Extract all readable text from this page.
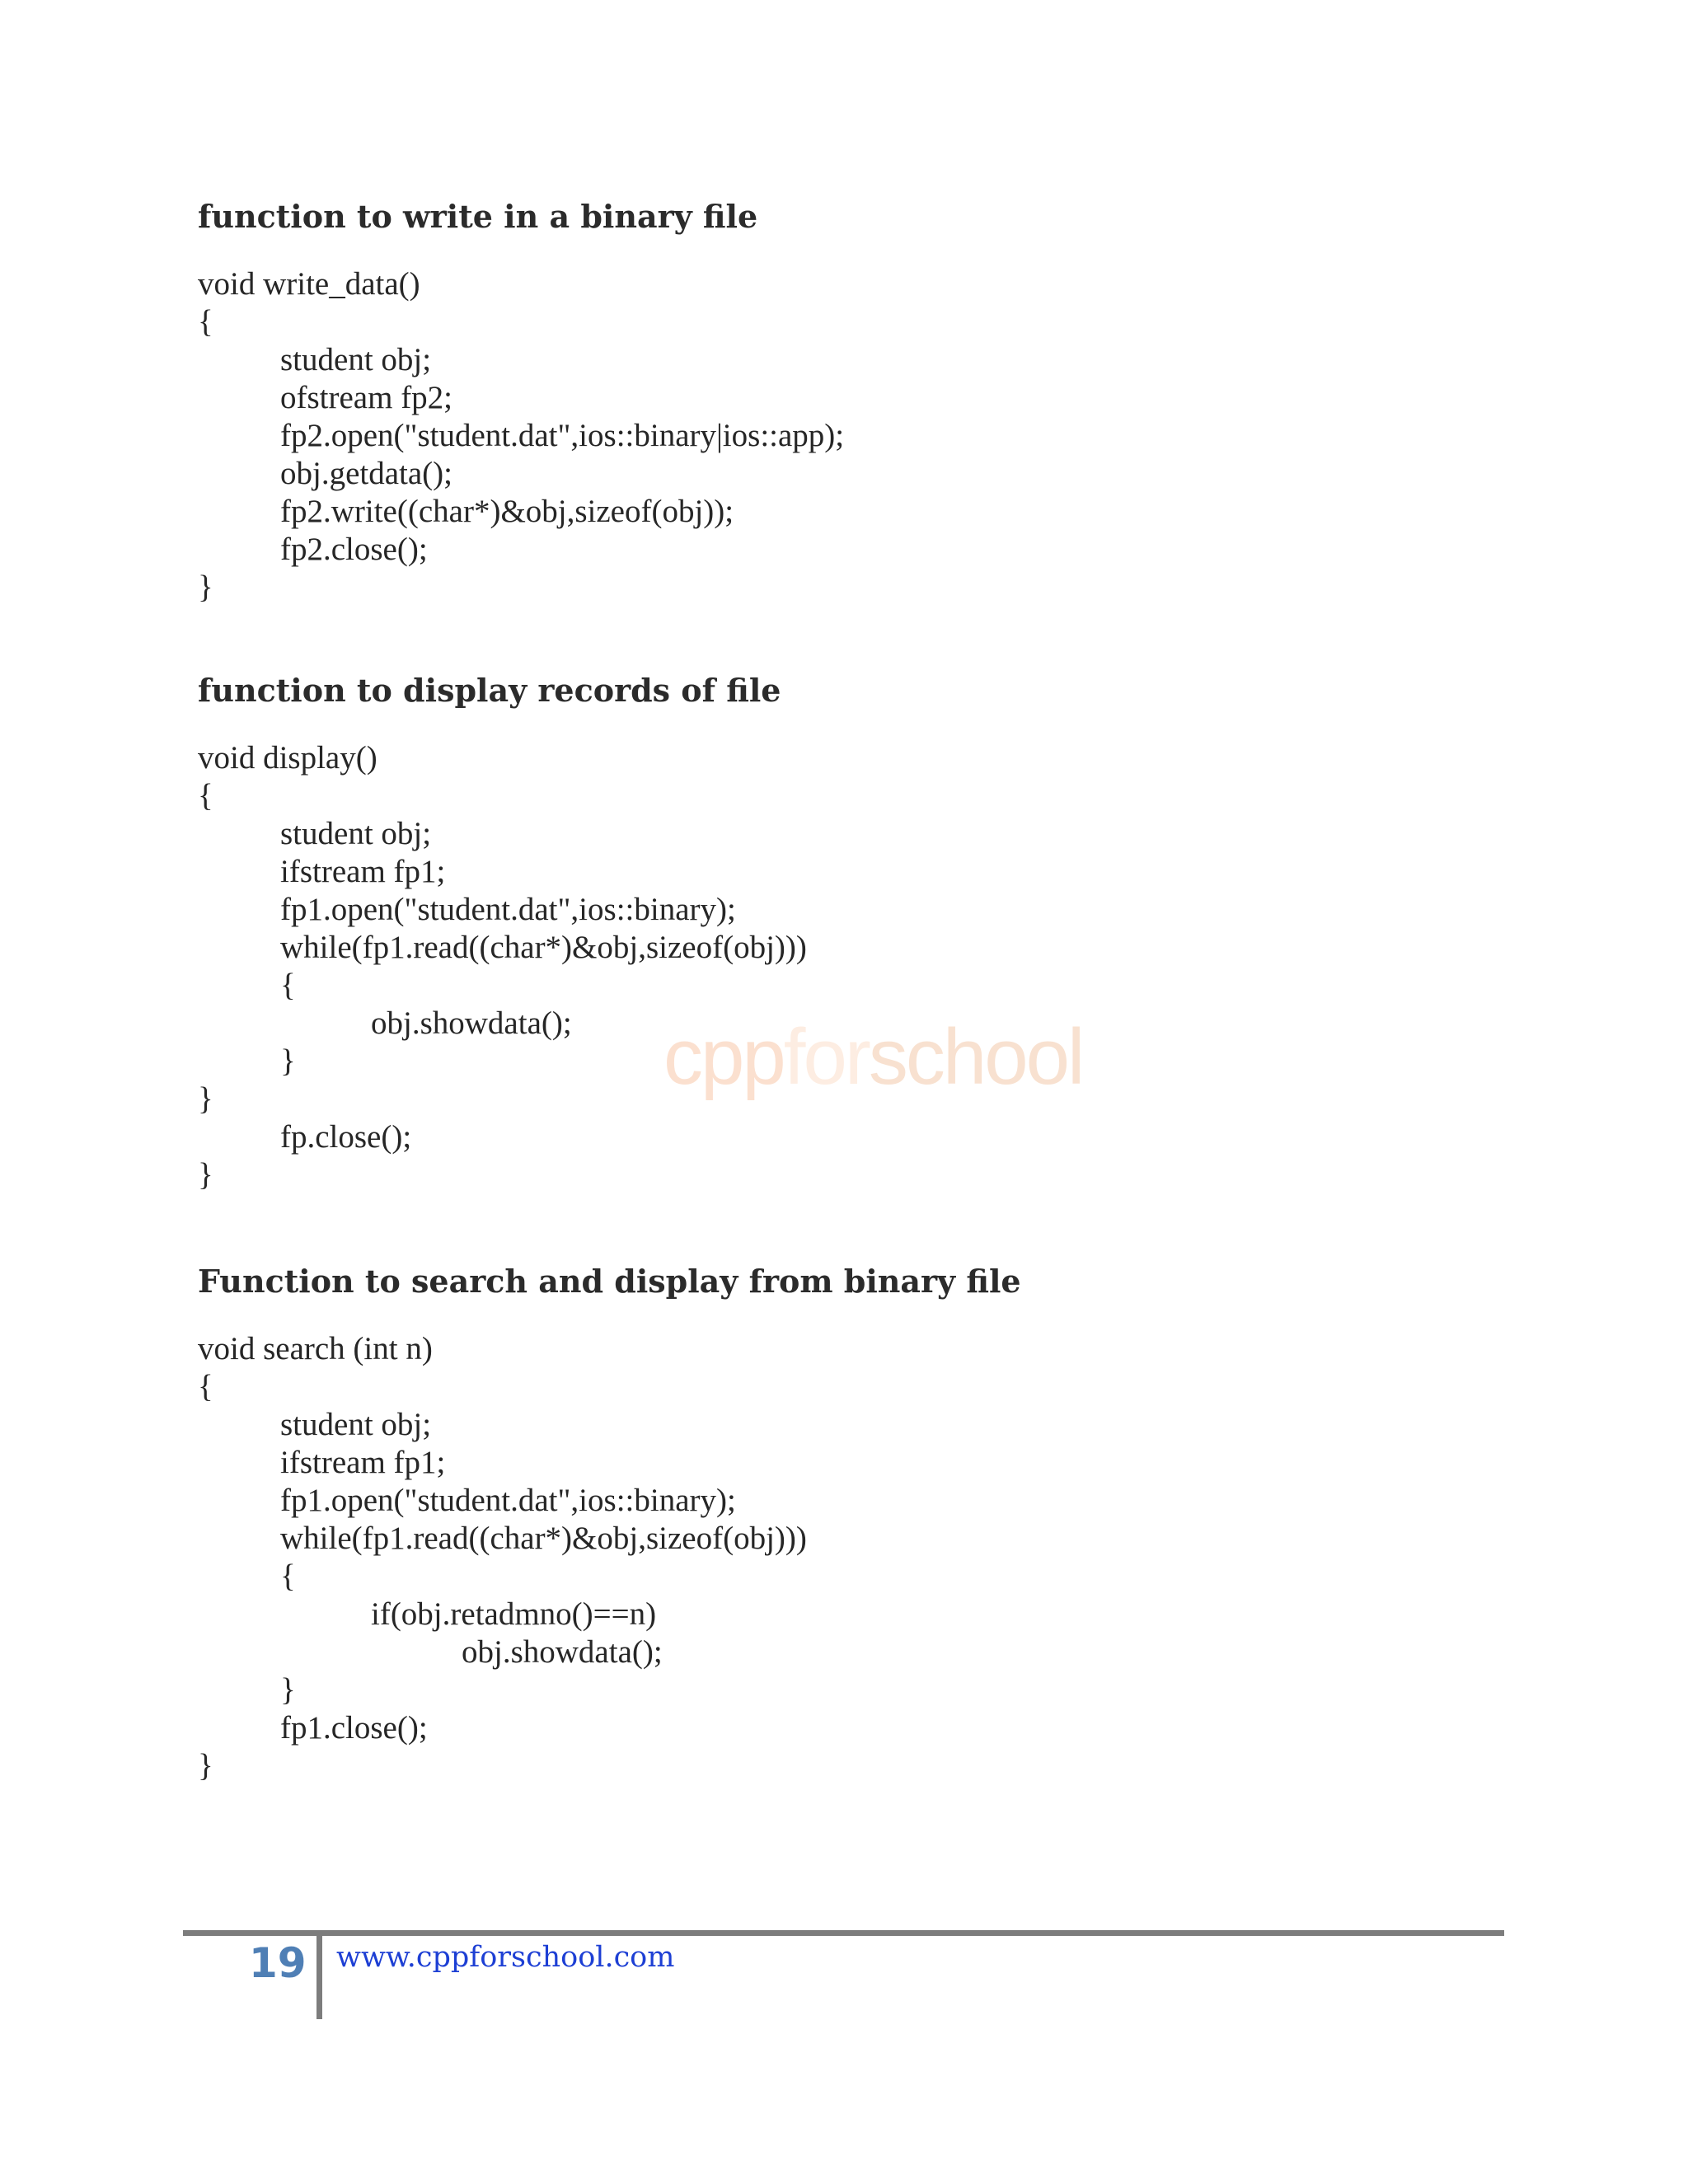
function to write in a binary file
void write_data()
{
student obj;
ofstream fp2;
fp2.open("student.dat",ios::binary|ios::app);
obj.getdata();
fp2.write((char*)&obj,sizeof(obj));
fp2.close();
}
function to display records of file
void display()
{
student obj;
ifstream fp1;
fp1.open("student.dat",ios::binary);
while(fp1.read((char*)&obj,sizeof(obj)))
{
obj.showdata();
}
}
fp.close();
}
cppforschool
Function to search and display from binary file
void search (int n)
{
student obj;
ifstream fp1;
fp1.open("student.dat",ios::binary);
while(fp1.read((char*)&obj,sizeof(obj)))
{
if(obj.retadmno()==n)
obj.showdata();
}
fp1.close();
}
19 www.cppforschool.com
